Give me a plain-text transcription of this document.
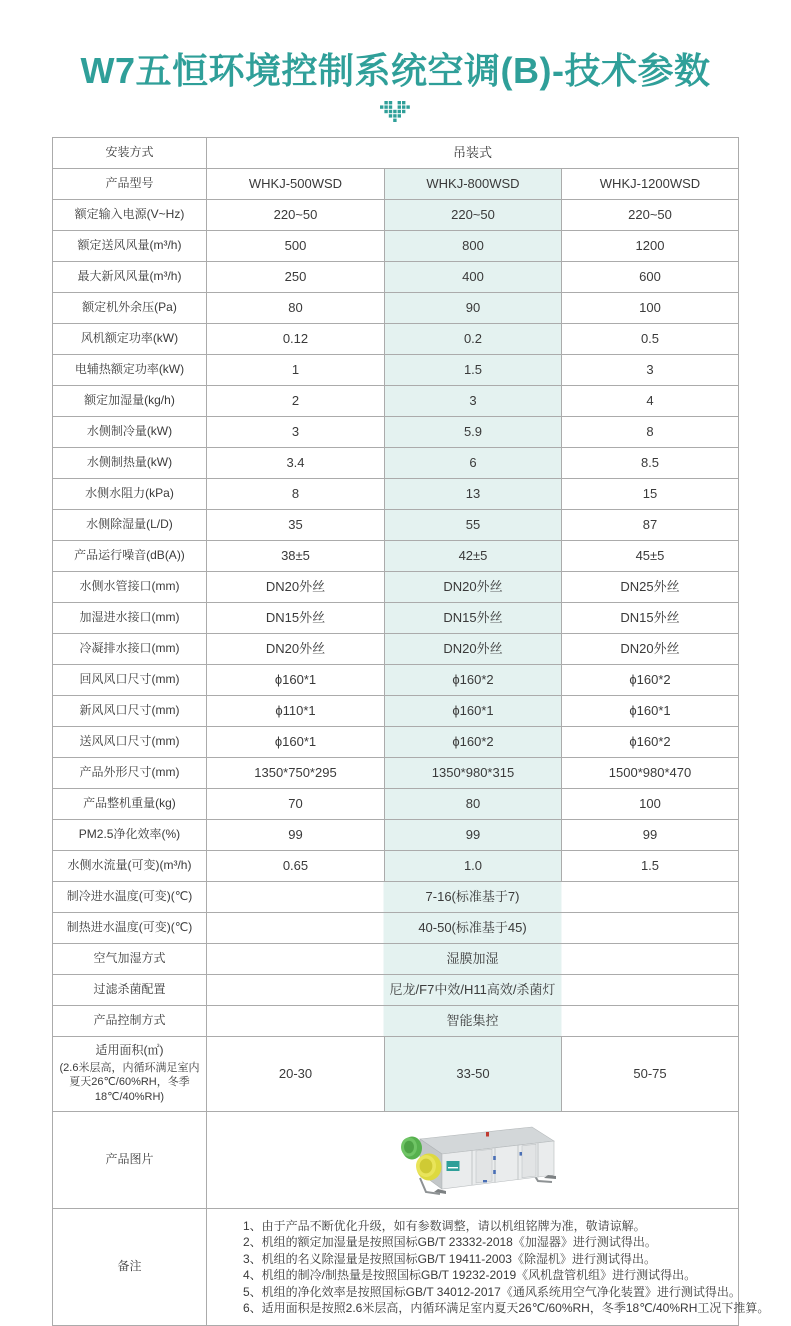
W7五恒环境控制系统空调(B)-技术参数
安装方式	吊装式		

产品型号	WHKJ-500WSD	WHKJ-800WSD	WHKJ-1200WSD

额定输入电源(V~Hz)	220~50	220~50	220~50

额定送风风量(m³/h)	500	800	1200

最大新风风量(m³/h)	250	400	600

额定机外余压(Pa)	80	90	100

风机额定功率(kW)	0.12	0.2	0.5

电辅热额定功率(kW)	1	1.5	3

额定加湿量(kg/h)	2	3	4

水侧制冷量(kW)	3	5.9	8

水侧制热量(kW)	3.4	6	8.5

水侧水阻力(kPa)	8	13	15

水侧除湿量(L/D)	35	55	87

产品运行噪音(dB(A))	38±5	42±5	45±5

水侧水管接口(mm)	DN20外丝	DN20外丝	DN25外丝

加湿进水接口(mm)	DN15外丝	DN15外丝	DN15外丝

冷凝排水接口(mm)	DN20外丝	DN20外丝	DN20外丝

回风风口尺寸(mm)	ϕ160*1	ϕ160*2	ϕ160*2

新风风口尺寸(mm)	ϕ110*1	ϕ160*1	ϕ160*1

送风风口尺寸(mm)	ϕ160*1	ϕ160*2	ϕ160*2

产品外形尺寸(mm)	1350*750*295	1350*980*315	1500*980*470

产品整机重量(kg)	70	80	100

PM2.5净化效率(%)	99	99	99

水侧水流量(可变)(m³/h)	0.65	1.0	1.5

制冷进水温度(可变)(℃)	7-16(标准基于7)		

制热进水温度(可变)(℃)	40-50(标准基于45)		

空气加湿方式	湿膜加湿		

过滤杀菌配置	尼龙/F7中效/H11高效/杀菌灯		

产品控制方式	智能集控		

适用面积(㎡)
(2.6米层高，内循环满足室内夏天26℃/60%RH，冬季18℃/40%RH)	20-30	33-50	50-75

产品图片

备注

1、由于产品不断优化升级，如有参数调整，请以机组铭牌为准，敬请谅解。
2、机组的额定加湿量是按照国标GB/T 23332-2018《加湿器》进行测试得出。
3、机组的名义除湿量是按照国标GB/T 19411-2003《除湿机》进行测试得出。
4、机组的制冷/制热量是按照国标GB/T 19232-2019《风机盘管机组》进行测试得出。
5、机组的净化效率是按照国标GB/T 34012-2017《通风系统用空气净化装置》进行测试得出。
6、适用面积是按照2.6米层高，内循环满足室内夏天26℃/60%RH，冬季18℃/40%RH工况下推算。
